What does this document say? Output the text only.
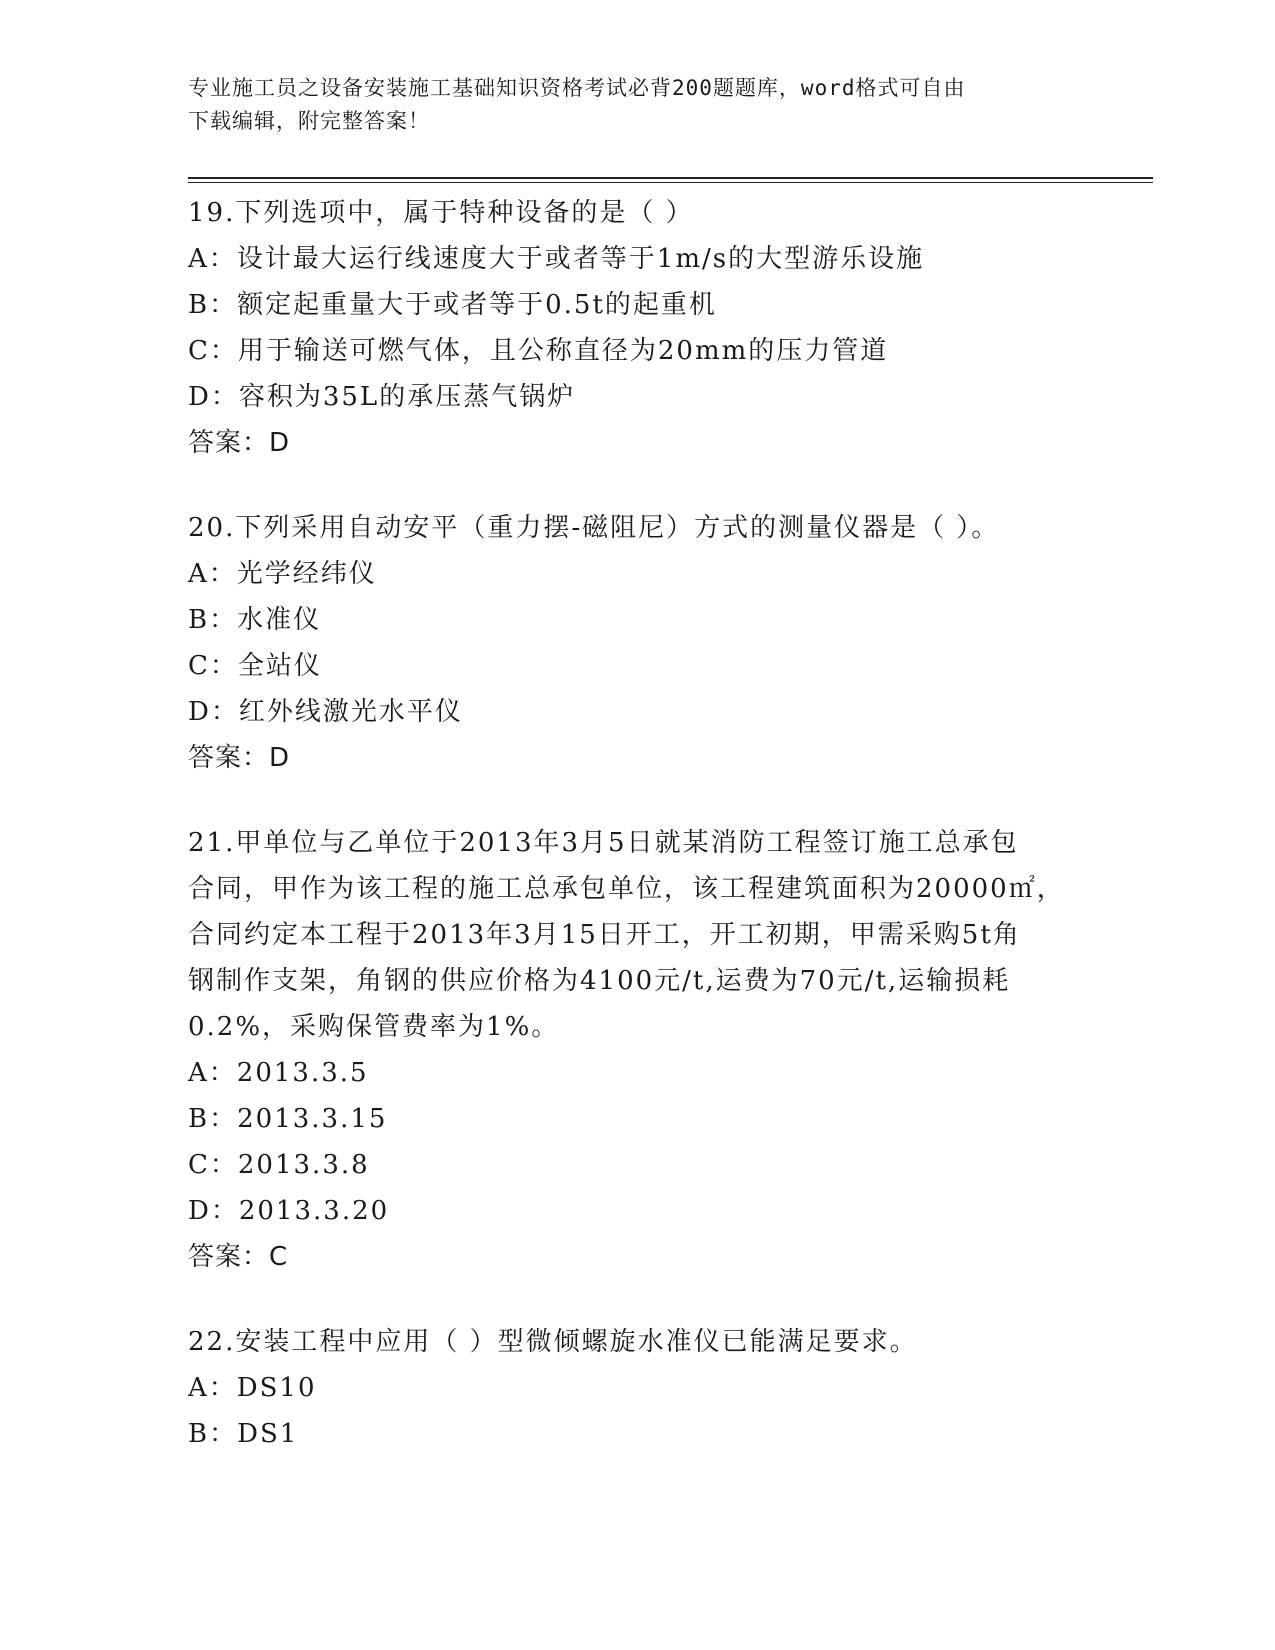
专业施工员之设备安装施工基础知识资格考试必背200题题库，word格式可自由
下载编辑，附完整答案！
19.下列选项中，属于特种设备的是（ ）
A：设计最大运行线速度大于或者等于1m/s的大型游乐设施
B：额定起重量大于或者等于0.5t的起重机
C：用于输送可燃气体，且公称直径为20mm的压力管道
D：容积为35L的承压蒸气锅炉
答案：D
20.下列采用自动安平（重力摆-磁阻尼）方式的测量仪器是（ ）。
A：光学经纬仪
B：水准仪
C：全站仪
D：红外线激光水平仪
答案：D
21.甲单位与乙单位于2013年3月5日就某消防工程签订施工总承包
合同，甲作为该工程的施工总承包单位，该工程建筑面积为20000㎡，
合同约定本工程于2013年3月15日开工，开工初期，甲需采购5t角
钢制作支架，角钢的供应价格为4100元/t,运费为70元/t,运输损耗
0.2%，采购保管费率为1%。
A：2013.3.5
B：2013.3.15
C：2013.3.8
D：2013.3.20
答案：C
22.安装工程中应用（ ）型微倾螺旋水准仪已能满足要求。
A：DS10
B：DS1
